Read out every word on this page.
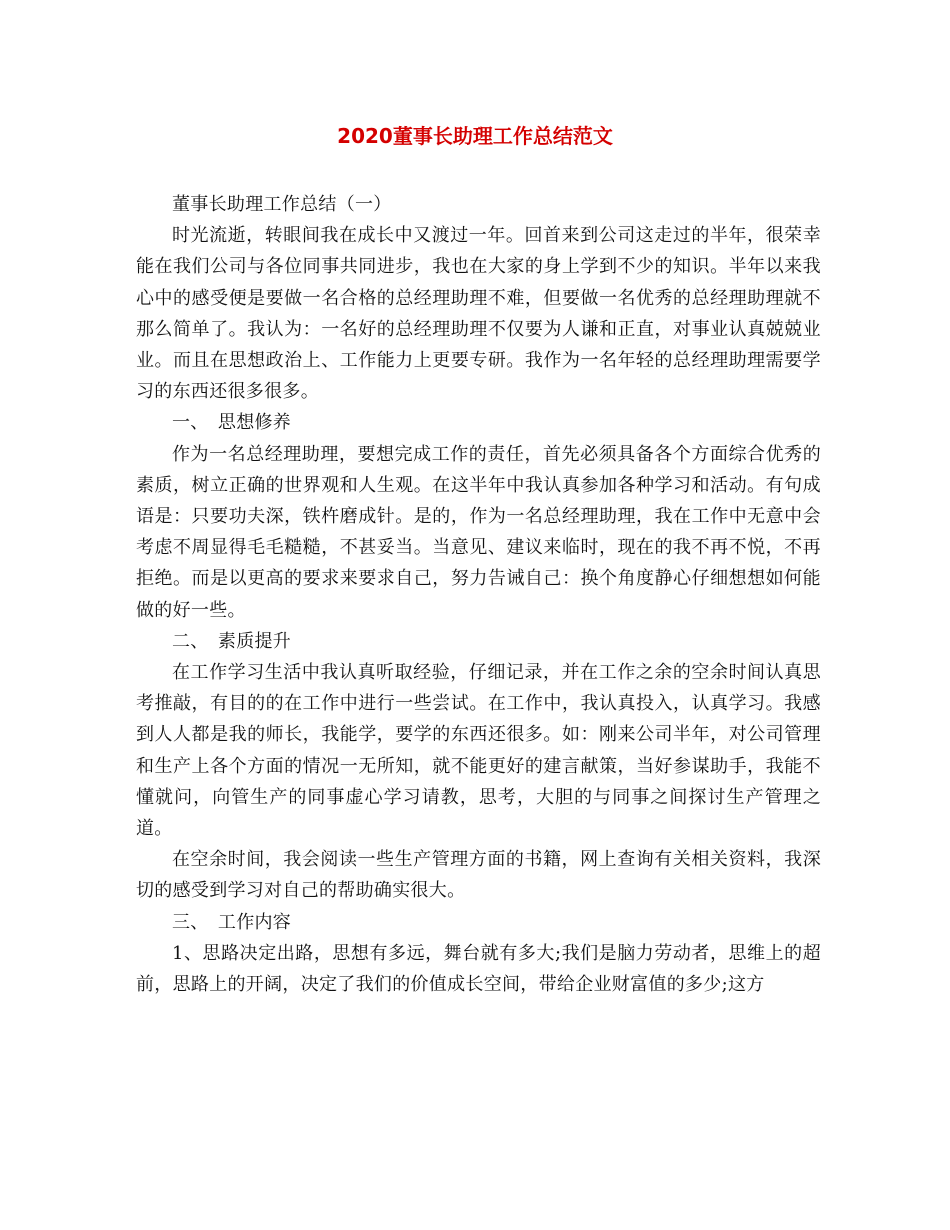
2020董事长助理工作总结范文

董事长助理工作总结（一）

时光流逝，转眼间我在成长中又渡过一年。回首来到公司这走过的半年，很荣幸能在我们公司与各位同事共同进步，我也在大家的身上学到不少的知识。半年以来我心中的感受便是要做一名合格的总经理助理不难，但要做一名优秀的总经理助理就不那么简单了。我认为：一名好的总经理助理不仅要为人谦和正直，对事业认真兢兢业业。而且在思想政治上、工作能力上更要专研。我作为一名年轻的总经理助理需要学习的东西还很多很多。

一、　思想修养

作为一名总经理助理，要想完成工作的责任，首先必须具备各个方面综合优秀的素质，树立正确的世界观和人生观。在这半年中我认真参加各种学习和活动。有句成语是：只要功夫深，铁杵磨成针。是的，作为一名总经理助理，我在工作中无意中会考虑不周显得毛毛糙糙，不甚妥当。当意见、建议来临时，现在的我不再不悦，不再拒绝。而是以更高的要求来要求自己，努力告诫自己：换个角度静心仔细想想如何能做的好一些。

二、　素质提升

在工作学习生活中我认真听取经验，仔细记录，并在工作之余的空余时间认真思考推敲，有目的的在工作中进行一些尝试。在工作中，我认真投入，认真学习。我感到人人都是我的师长，我能学，要学的东西还很多。如：刚来公司半年，对公司管理和生产上各个方面的情况一无所知，就不能更好的建言献策，当好参谋助手，我能不懂就问，向管生产的同事虚心学习请教，思考，大胆的与同事之间探讨生产管理之道。

在空余时间，我会阅读一些生产管理方面的书籍，网上查询有关相关资料，我深切的感受到学习对自己的帮助确实很大。

三、　工作内容

1、思路决定出路，思想有多远，舞台就有多大;我们是脑力劳动者，思维上的超前，思路上的开阔，决定了我们的价值成长空间，带给企业财富值的多少;这方
